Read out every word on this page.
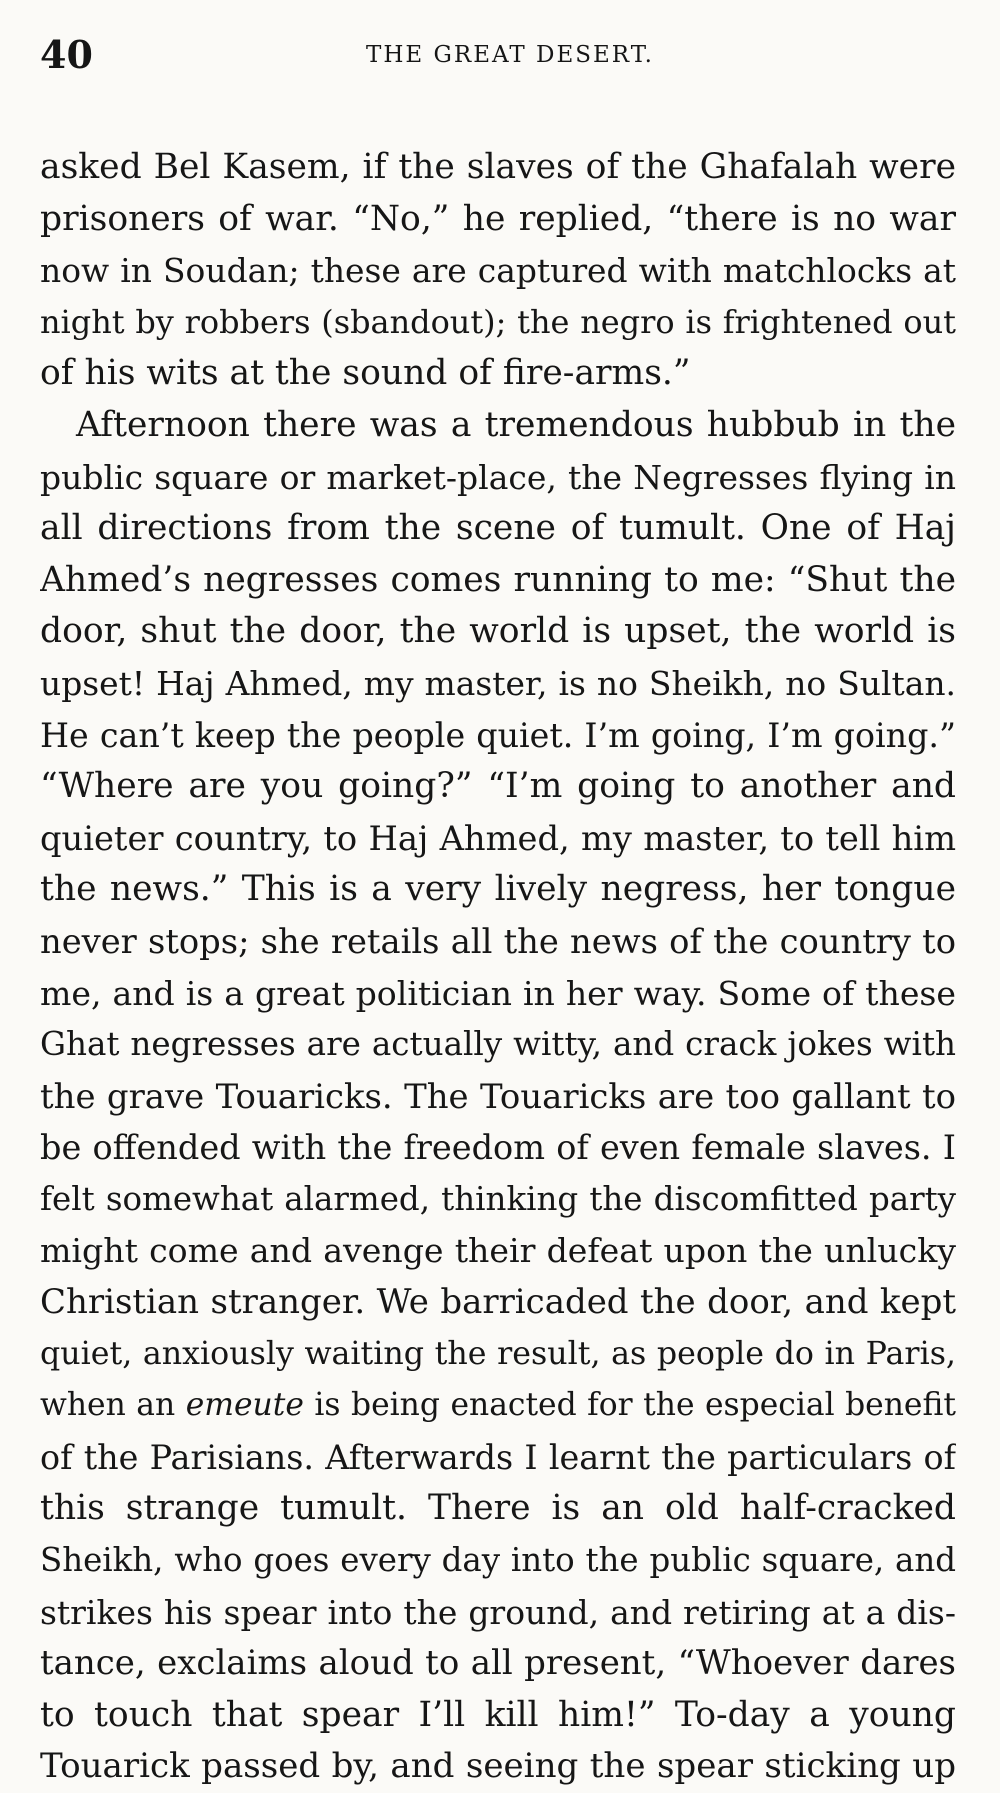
40	THE GREAT DESERT.
asked Bel Kasem, if the slaves of the Ghafalah were
prisoners of war. “No,” he replied, “there is no war
now in Soudan; these are captured with matchlocks at
night by robbers (sbandout); the negro is frightened out
of his wits at the sound of fire-arms.”
Afternoon there was a tremendous hubbub in the
public square or market-place, the Negresses flying in
all directions from the scene of tumult. One of Haj
Ahmed’s negresses comes running to me: “Shut the
door, shut the door, the world is upset, the world is
upset! Haj Ahmed, my master, is no Sheikh, no Sultan.
He can’t keep the people quiet. I’m going, I’m going.”
“Where are you going?” “I’m going to another and
quieter country, to Haj Ahmed, my master, to tell him
the news.” This is a very lively negress, her tongue
never stops; she retails all the news of the country to
me, and is a great politician in her way. Some of these
Ghat negresses are actually witty, and crack jokes with
the grave Touaricks. The Touaricks are too gallant to
be offended with the freedom of even female slaves. I
felt somewhat alarmed, thinking the discomfitted party
might come and avenge their defeat upon the unlucky
Christian stranger. We barricaded the door, and kept
quiet, anxiously waiting the result, as people do in Paris,
when an emeute is being enacted for the especial benefit
of the Parisians. Afterwards I learnt the particulars of
this strange tumult. There is an old half-cracked
Sheikh, who goes every day into the public square, and
strikes his spear into the ground, and retiring at a dis-
tance, exclaims aloud to all present, “Whoever dares
to touch that spear I’ll kill him!” To-day a young
Touarick passed by, and seeing the spear sticking up
